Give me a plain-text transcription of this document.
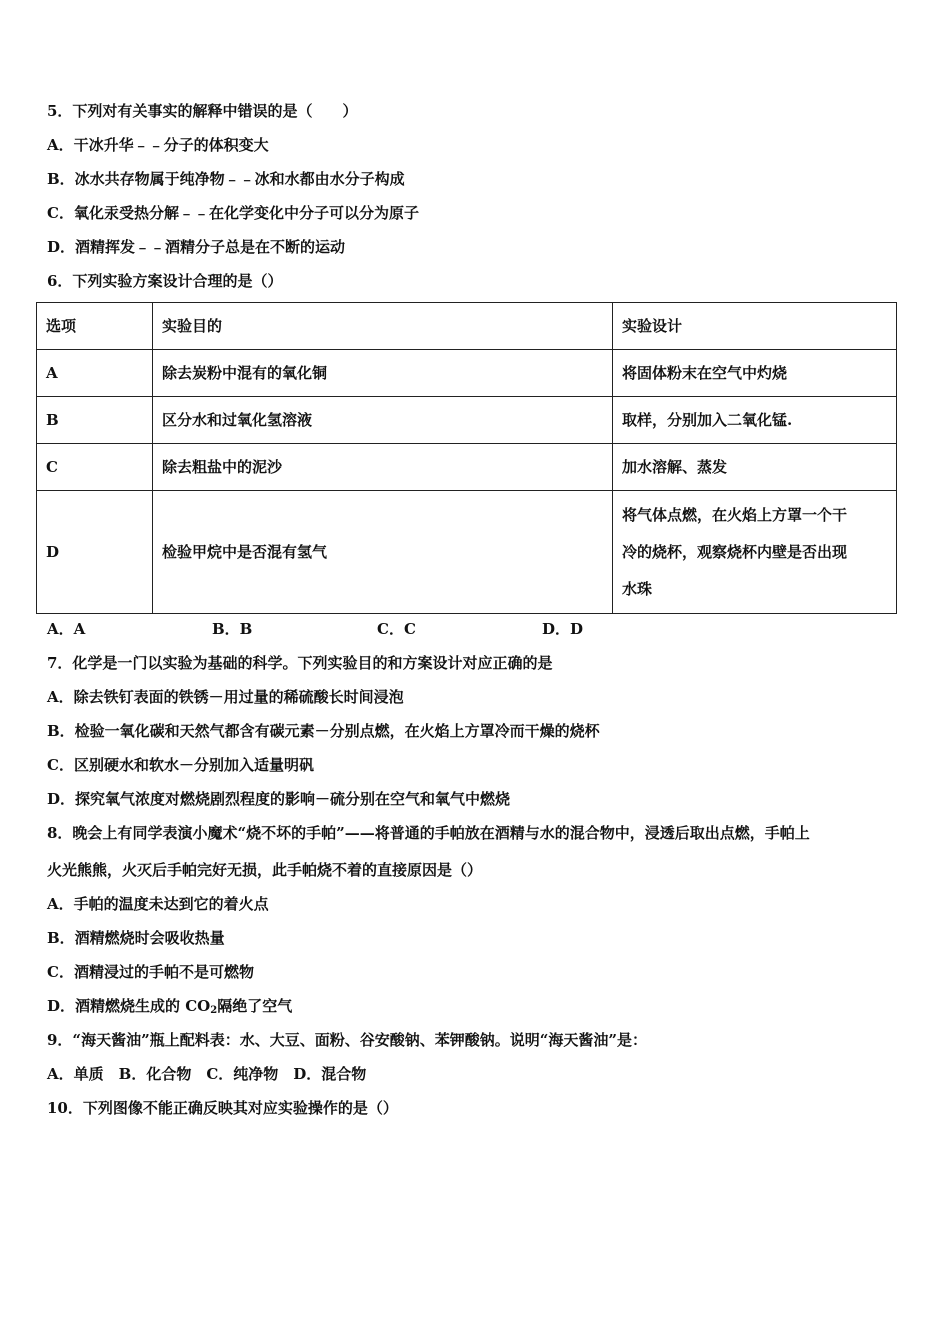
5．下列对有关事实的解释中错误的是（　　）
A．干冰升华﹣﹣分子的体积变大
B．冰水共存物属于纯净物﹣﹣冰和水都由水分子构成
C．氧化汞受热分解﹣﹣在化学变化中分子可以分为原子
D．酒精挥发﹣﹣酒精分子总是在不断的运动
6．下列实验方案设计合理的是（）
选项	实验目的	实验设计
A	除去炭粉中混有的氧化铜	将固体粉末在空气中灼烧
B	区分水和过氧化氢溶液	取样，分别加入二氧化锰.
C	除去粗盐中的泥沙	加水溶解、蒸发
D	检验甲烷中是否混有氢气	将气体点燃，在火焰上方罩一个干
冷的烧杯，观察烧杯内壁是否出现
水珠
A．A	B．B	C．C	D．D
7．化学是一门以实验为基础的科学。下列实验目的和方案设计对应正确的是
A．除去铁钉表面的铁锈－用过量的稀硫酸长时间浸泡
B．检验一氧化碳和天然气都含有碳元素－分别点燃，在火焰上方罩冷而干燥的烧杯
C．区别硬水和软水－分别加入适量明矾
D．探究氧气浓度对燃烧剧烈程度的影响－硫分别在空气和氧气中燃烧
8．晚会上有同学表演小魔术“烧不坏的手帕”——将普通的手帕放在酒精与水的混合物中，浸透后取出点燃，手帕上
火光熊熊，火灭后手帕完好无损，此手帕烧不着的直接原因是（）
A．手帕的温度未达到它的着火点
B．酒精燃烧时会吸收热量
C．酒精浸过的手帕不是可燃物
D．酒精燃烧生成的 $CO_2$隔绝了空气
9．“海天酱油”瓶上配料表：水、大豆、面粉、谷安酸钠、苯钾酸钠。说明“海天酱油”是：
A．单质　B．化合物　C．纯净物　D．混合物
10．下列图像不能正确反映其对应实验操作的是（）
